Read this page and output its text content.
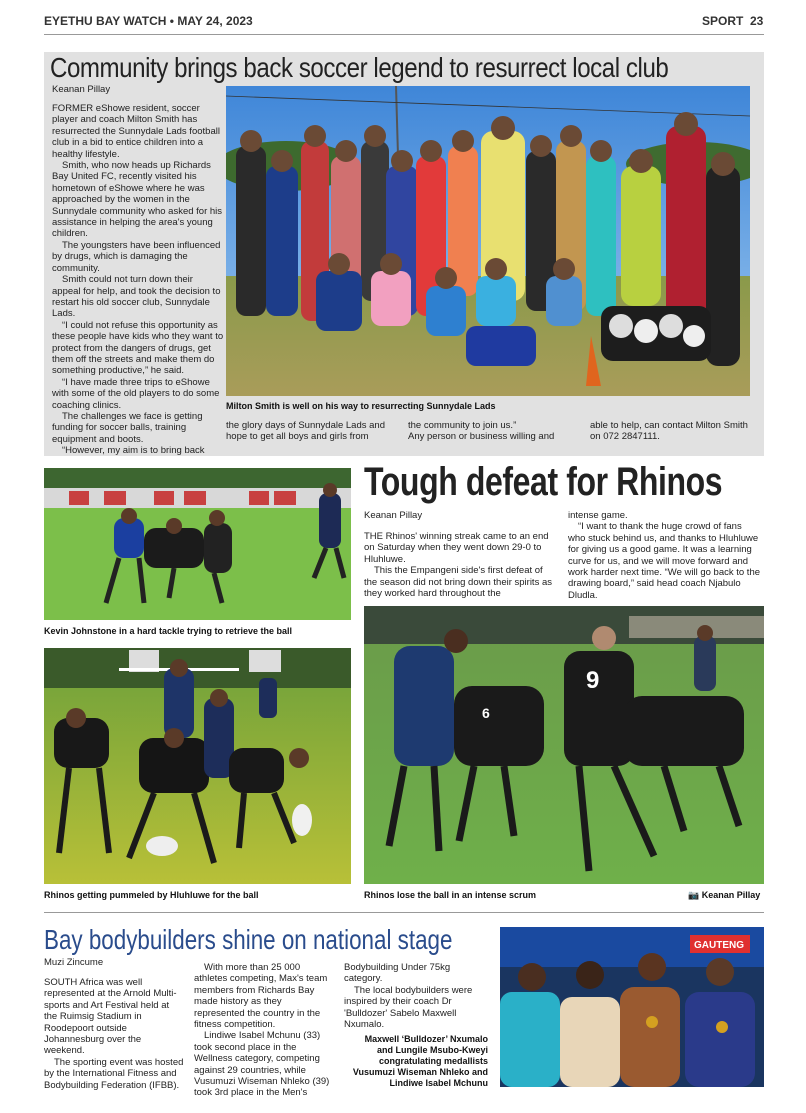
EYETHU BAY WATCH • MAY 24, 2023	SPORT 23
Community brings back soccer legend to resurrect local club
Keanan Pillay

FORMER eShowe resident, soccer player and coach Milton Smith has resurrected the Sunnydale Lads football club in a bid to entice children into a healthy lifestyle.

Smith, who now heads up Richards Bay United FC, recently visited his hometown of eShowe where he was approached by the women in the Sunnydale community who asked for his assistance in helping the area's young children.

The youngsters have been influenced by drugs, which is damaging the community.

Smith could not turn down their appeal for help, and took the decision to restart his old soccer club, Sunnydale Lads.

“I could not refuse this opportunity as these people have kids who they want to protect from the dangers of drugs, get them off the streets and make them do something productive,” he said.

“I have made three trips to eShowe with some of the old players to do some coaching clinics.

The challenges we face is getting funding for soccer balls, training equipment and boots.

“However, my aim is to bring back

Milton Smith is well on his way to resurrecting Sunnydale Lads
the glory days of Sunnydale Lads and hope to get all boys and girls from
the community to join us.”
Any person or business willing and
able to help, can contact Milton Smith on 072 2847111.
Kevin Johnstone in a hard tackle trying to retrieve the ball
Rhinos getting pummeled by Hluhluwe for the ball
Tough defeat for Rhinos
Keanan Pillay

THE Rhinos' winning streak came to an end on Saturday when they went down 29-0 to Hluhluwe.

This the Empangeni side's first defeat of the season did not bring down their spirits as they worked hard throughout the

intense game.

“I want to thank the huge crowd of fans who stuck behind us, and thanks to Hluhluwe for giving us a good game. It was a learning curve for us, and we will move forward and work harder next time. “We will go back to the drawing board,” said head coach Njabulo Dludla.

9
6
Rhinos lose the ball in an intense scrum	📷 Keanan Pillay
Bay bodybuilders shine on national stage
Muzi Zincume

SOUTH Africa was well represented at the Arnold Multi-sports and Art Festival held at the Ruimsig Stadium in Roodepoort outside Johannesburg over the weekend.

The sporting event was hosted by the International Fitness and Bodybuilding Federation (IFBB).

With more than 25 000 athletes competing, Max's team members from Richards Bay made history as they represented the country in the fitness competition.

Lindiwe Isabel Mchunu (33) took second place in the Wellness category, competing against 29 countries, while Vusumuzi Wiseman Nhleko (39) took 3rd place in the Men's

Bodybuilding Under 75kg category.

The local bodybuilders were inspired by their coach Dr 'Bulldozer' Sabelo Maxwell Nxumalo.

Maxwell ‘Bulldozer’ Nxumalo and Lungile Msubo-Kweyi congratulating medallists Vusumuzi Wiseman Nhleko and Lindiwe Isabel Mchunu
GAUTENG
